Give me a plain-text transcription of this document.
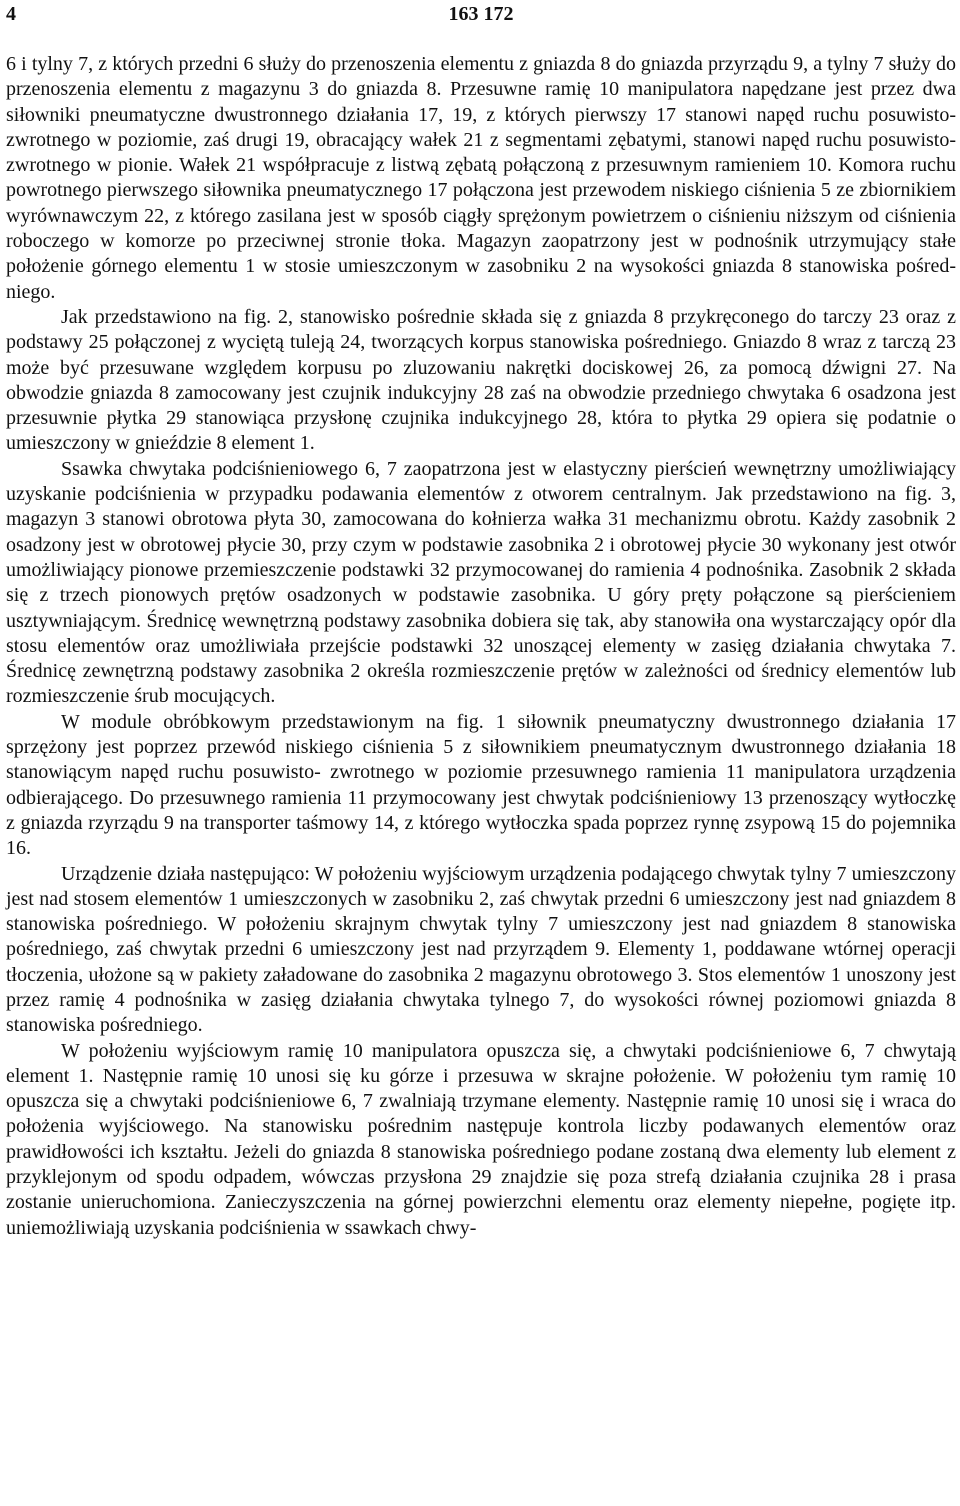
4	163 172

6 i tylny 7, z których przedni 6 służy do przenoszenia elementu z gniazda 8 do gniazda przyrządu 9, a tylny 7 służy do przenoszenia elementu z magazynu 3 do gniazda 8. Przesuwne ramię 10 manipulatora napędzane jest przez dwa siłowniki pneumatyczne dwustronnego działania 17, 19, z których pierwszy 17 stanowi napęd ruchu posuwisto-zwrotnego w poziomie, zaś drugi 19, obracający wałek 21 z segmentami zębatymi, stanowi napęd ruchu posuwisto-zwrotnego w pionie. Wałek 21 współpracuje z listwą zębatą połączoną z przesuwnym ramieniem 10. Komora ruchu powrotnego pierwszego siłownika pneumatycznego 17 połączona jest przewodem niskiego ciśnienia 5 ze zbiornikiem wyrównawczym 22, z którego zasilana jest w sposób ciągły sprężonym powietrzem o ciśnieniu niższym od ciśnienia roboczego w komorze po przeciwnej stronie tłoka. Magazyn zaopatrzony jest w podnośnik utrzymujący stałe położenie górnego elementu 1 w stosie umieszczonym w zasobniku 2 na wysokości gniazda 8 stanowiska pośredniego.

Jak przedstawiono na fig. 2, stanowisko pośrednie składa się z gniazda 8 przykręconego do tarczy 23 oraz z podstawy 25 połączonej z wyciętą tuleją 24, tworzących korpus stanowiska pośredniego. Gniazdo 8 wraz z tarczą 23 może być przesuwane względem korpusu po zluzowaniu nakrętki dociskowej 26, za pomocą dźwigni 27. Na obwodzie gniazda 8 zamocowany jest czujnik indukcyjny 28 zaś na obwodzie przedniego chwytaka 6 osadzona jest przesuwnie płytka 29 stanowiąca przysłonę czujnika indukcyjnego 28, która to płytka 29 opiera się podatnie o umieszczony w gnieździe 8 element 1.

Ssawka chwytaka podciśnieniowego 6, 7 zaopatrzona jest w elastyczny pierścień wewnętrzny umożliwiający uzyskanie podciśnienia w przypadku podawania elementów z otworem centralnym. Jak przedstawiono na fig. 3, magazyn 3 stanowi obrotowa płyta 30, zamocowana do kołnierza wałka 31 mechanizmu obrotu. Każdy zasobnik 2 osadzony jest w obrotowej płycie 30, przy czym w podstawie zasobnika 2 i obrotowej płycie 30 wykonany jest otwór umożliwiający pionowe przemieszczenie podstawki 32 przymocowanej do ramienia 4 podnośnika. Zasobnik 2 składa się z trzech pionowych prętów osadzonych w podstawie zasobnika. U góry pręty połączone są pierścieniem usztywniającym. Średnicę wewnętrzną podstawy zasobnika dobiera się tak, aby stanowiła ona wystarczający opór dla stosu elementów oraz umożliwiała przejście podstawki 32 unoszącej elementy w zasięg działania chwytaka 7. Średnicę zewnętrzną podstawy zasobnika 2 określa rozmieszczenie prętów w zależności od średnicy elementów lub rozmieszczenie śrub mocujących.

W module obróbkowym przedstawionym na fig. 1 siłownik pneumatyczny dwustronnego działania 17 sprzężony jest poprzez przewód niskiego ciśnienia 5 z siłownikiem pneumatycznym dwustronnego działania 18 stanowiącym napęd ruchu posuwisto- zwrotnego w poziomie przesuwnego ramienia 11 manipulatora urządzenia odbierającego. Do przesuwnego ramienia 11 przymocowany jest chwytak podciśnieniowy 13 przenoszący wytłoczkę z gniazda rzyrządu 9 na transporter taśmowy 14, z którego wytłoczka spada poprzez rynnę zsypową 15 do pojemnika 16.

Urządzenie działa następująco: W położeniu wyjściowym urządzenia podającego chwytak tylny 7 umieszczony jest nad stosem elementów 1 umieszczonych w zasobniku 2, zaś chwytak przedni 6 umieszczony jest nad gniazdem 8 stanowiska pośredniego. W położeniu skrajnym chwytak tylny 7 umieszczony jest nad gniazdem 8 stanowiska pośredniego, zaś chwytak przedni 6 umieszczony jest nad przyrządem 9. Elementy 1, poddawane wtórnej operacji tłoczenia, ułożone są w pakiety załadowane do zasobnika 2 magazynu obrotowego 3. Stos elementów 1 unoszony jest przez ramię 4 podnośnika w zasięg działania chwytaka tylnego 7, do wysokości równej poziomowi gniazda 8 stanowiska pośredniego.

W położeniu wyjściowym ramię 10 manipulatora opuszcza się, a chwytaki podciśnieniowe 6, 7 chwytają element 1. Następnie ramię 10 unosi się ku górze i przesuwa w skrajne położenie. W położeniu tym ramię 10 opuszcza się a chwytaki podciśnieniowe 6, 7 zwalniają trzymane elementy. Następnie ramię 10 unosi się i wraca do położenia wyjściowego. Na stanowisku pośrednim następuje kontrola liczby podawanych elementów oraz prawidłowości ich kształtu. Jeżeli do gniazda 8 stanowiska pośredniego podane zostaną dwa elementy lub element z przyklejonym od spodu odpadem, wówczas przysłona 29 znajdzie się poza strefą działania czujnika 28 i prasa zostanie unieruchomiona. Zanieczyszczenia na górnej powierzchni elementu oraz elementy niepełne, pogięte itp. uniemożliwiają uzyskania podciśnienia w ssawkach chwy-
